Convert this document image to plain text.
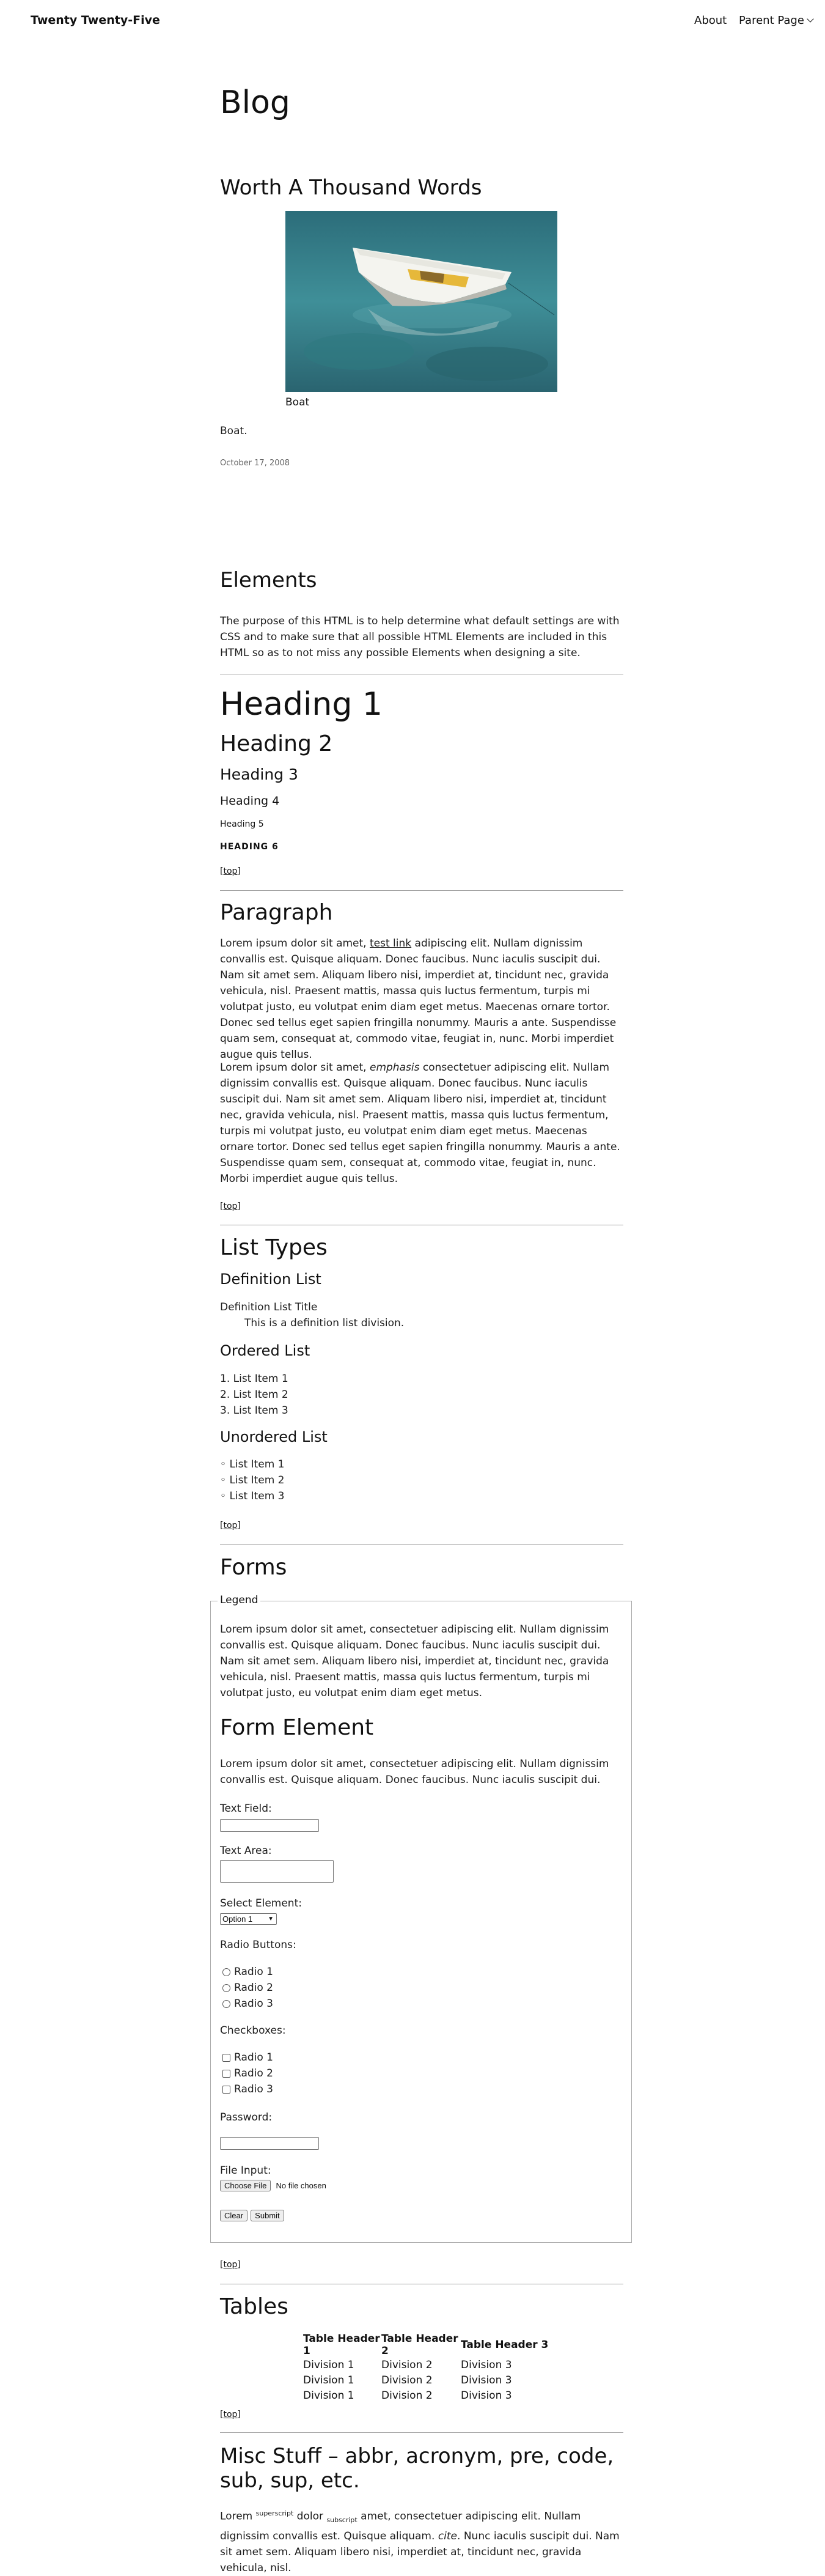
Twenty Twenty-Five	About Parent Page
Blog
Worth A Thousand Words
Boat
Boat.
October 17, 2008
Elements
The purpose of this HTML is to help determine what default settings are with CSS and to make sure that all possible HTML Elements are included in this HTML so as to not miss any possible Elements when designing a site.
Heading 1
Heading 2
Heading 3
Heading 4
Heading 5
HEADING 6
[top]
Paragraph
Lorem ipsum dolor sit amet, test link adipiscing elit. Nullam dignissim convallis est. Quisque aliquam. Donec faucibus. Nunc iaculis suscipit dui. Nam sit amet sem. Aliquam libero nisi, imperdiet at, tincidunt nec, gravida vehicula, nisl. Praesent mattis, massa quis luctus fermentum, turpis mi volutpat justo, eu volutpat enim diam eget metus. Maecenas ornare tortor. Donec sed tellus eget sapien fringilla nonummy. Mauris a ante. Suspendisse quam sem, consequat at, commodo vitae, feugiat in, nunc. Morbi imperdiet augue quis tellus.
Lorem ipsum dolor sit amet, emphasis consectetuer adipiscing elit. Nullam dignissim convallis est. Quisque aliquam. Donec faucibus. Nunc iaculis suscipit dui. Nam sit amet sem. Aliquam libero nisi, imperdiet at, tincidunt nec, gravida vehicula, nisl. Praesent mattis, massa quis luctus fermentum, turpis mi volutpat justo, eu volutpat enim diam eget metus. Maecenas ornare tortor. Donec sed tellus eget sapien fringilla nonummy. Mauris a ante. Suspendisse quam sem, consequat at, commodo vitae, feugiat in, nunc. Morbi imperdiet augue quis tellus.
[top]
List Types
Definition List
Definition List Title
This is a definition list division.
Ordered List
1. List Item 1
2. List Item 2
3. List Item 3
Unordered List
◦ List Item 1
◦ List Item 2
◦ List Item 3
[top]
Forms
Legend
Lorem ipsum dolor sit amet, consectetuer adipiscing elit. Nullam dignissim convallis est. Quisque aliquam. Donec faucibus. Nunc iaculis suscipit dui. Nam sit amet sem. Aliquam libero nisi, imperdiet at, tincidunt nec, gravida vehicula, nisl. Praesent mattis, massa quis luctus fermentum, turpis mi volutpat justo, eu volutpat enim diam eget metus.
Form Element
Lorem ipsum dolor sit amet, consectetuer adipiscing elit. Nullam dignissim convallis est. Quisque aliquam. Donec faucibus. Nunc iaculis suscipit dui.
Text Field:
Text Area:
Select Element:
Option 1 ▼
Radio Buttons:
Radio 1
Radio 2
Radio 3
Checkboxes:
Radio 1
Radio 2
Radio 3
Password:
File Input:
Choose File No file chosen
Clear Submit
[top]
Tables
Table Header 1	Table Header 2	Table Header 3
Division 1	Division 2	Division 3
Division 1	Division 2	Division 3
Division 1	Division 2	Division 3
[top]
Misc Stuff – abbr, acronym, pre, code, sub, sup, etc.
Lorem $^{superscript}$ dolor $_{subscript}$ amet, consectetuer adipiscing elit. Nullam dignissim convallis est. Quisque aliquam. cite. Nunc iaculis suscipit dui. Nam sit amet sem. Aliquam libero nisi, imperdiet at, tincidunt nec, gravida vehicula, nisl.
